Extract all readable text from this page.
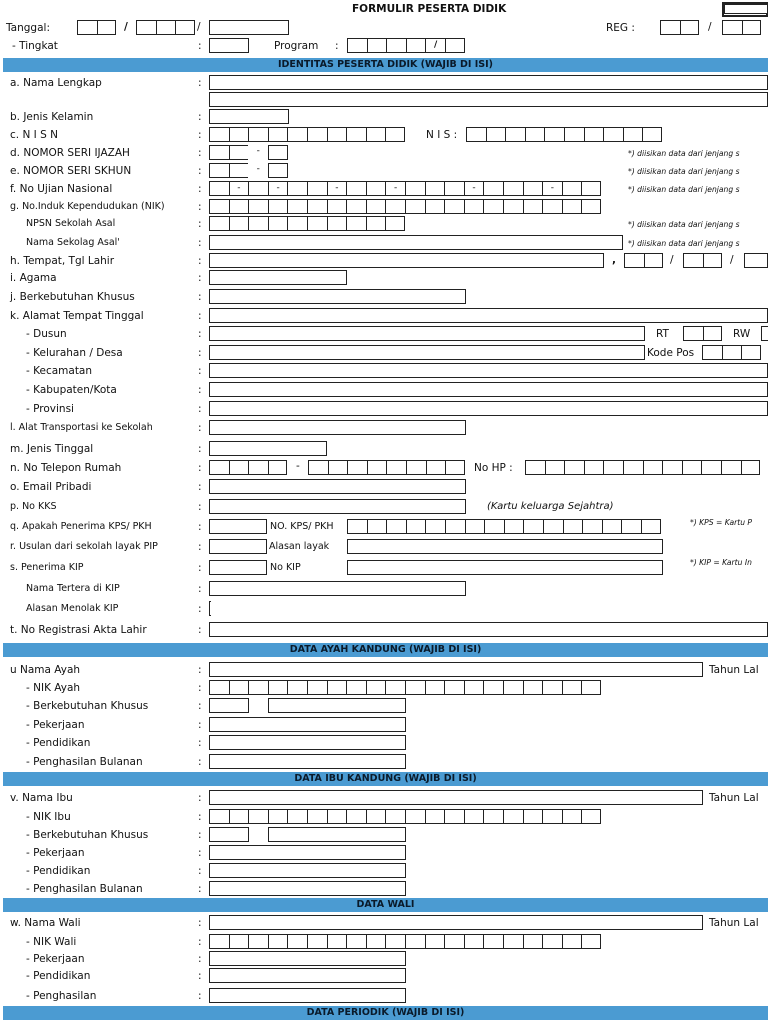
FORMULIR PESERTA DIDIK
Tanggal:	/	/	REG :	/
- Tingkat	:	Program :	/
IDENTITAS PESERTA DIDIK (WAJIB DI ISI)
a. Nama Lengkap	:
b. Jenis Kelamin	:
c. N I S N	:	N I S :
d. NOMOR SERI IJAZAH	:	-	*) diisikan data dari jenjang s
e. NOMOR SERI SKHUN	:	-	*) diisikan data dari jenjang s
f. No Ujian Nasional	:	-	-	-	-	-	-	*) diisikan data dari jenjang s
g. No.Induk Kependudukan (NIK)	:
NPSN Sekolah Asal	:	*) diisikan data dari jenjang s
Nama Sekolag Asal'	:	*) diisikan data dari jenjang s
h. Tempat, Tgl Lahir	:	,	/	/
i. Agama	:
j. Berkebutuhan Khusus	:
k. Alamat Tempat Tinggal	:
- Dusun	:	RT	RW
- Kelurahan / Desa	:	Kode Pos
- Kecamatan	:
- Kabupaten/Kota	:
- Provinsi	:
l. Alat Transportasi ke Sekolah	:
m. Jenis Tinggal	:
n. No Telepon Rumah	:	-	No HP :
o. Email Pribadi	:
p. No KKS	:	(Kartu keluarga Sejahtra)
q. Apakah Penerima KPS/ PKH	:	NO. KPS/ PKH	*) KPS = Kartu P
r. Usulan dari sekolah layak PIP	:	Alasan layak
s. Penerima KIP	:	No KIP	*) KIP = Kartu In
Nama Tertera di KIP	:
Alasan Menolak KIP	:
t. No Registrasi Akta Lahir	:
DATA AYAH KANDUNG (WAJIB DI ISI)
u Nama Ayah	:	Tahun Lal
- NIK Ayah	:
- Berkebutuhan Khusus	:
- Pekerjaan	:
- Pendidikan	:
- Penghasilan Bulanan	:
DATA IBU KANDUNG (WAJIB DI ISI)
v. Nama Ibu	:	Tahun Lal
- NIK Ibu	:
- Berkebutuhan Khusus	:
- Pekerjaan	:
- Pendidikan	:
- Penghasilan Bulanan	:
DATA WALI
w. Nama Wali	:	Tahun Lal
- NIK Wali	:
- Pekerjaan	:
- Pendidikan	:
- Penghasilan	:
DATA PERIODIK (WAJIB DI ISI)
